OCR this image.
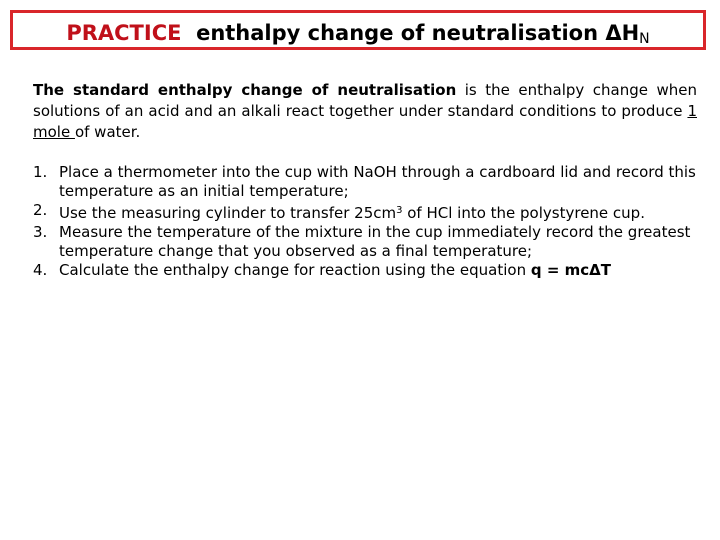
PRACTICE enthalpy change of neutralisation $\Delta H_N$

The standard enthalpy change of neutralisation is the enthalpy change when solutions of an acid and an alkali react together under standard conditions to produce 1 mole of water.

1. Place a thermometer into the cup with NaOH through a cardboard lid and record this temperature as an initial temperature;
2. Use the measuring cylinder to transfer $25cm^3$ of HCl into the polystyrene cup.
3. Measure the temperature of the mixture in the cup immediately record the greatest temperature change that you observed as a final temperature;
4. Calculate the enthalpy change for reaction using the equation q = mcΔT
